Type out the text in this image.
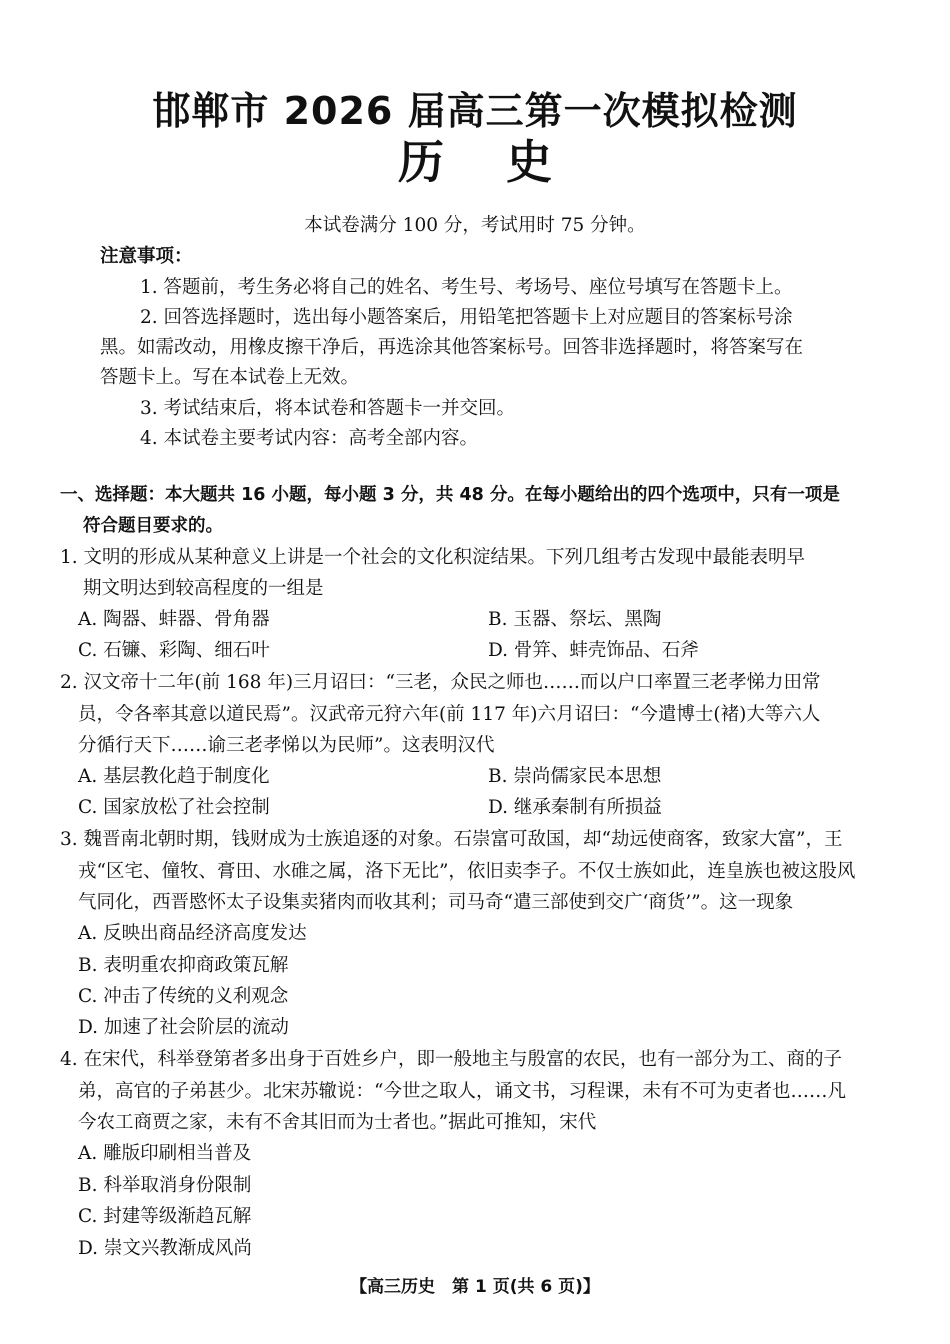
邯郸市 2026 届高三第一次模拟检测
历 史
本试卷满分 100 分，考试用时 75 分钟。
注意事项：
1. 答题前，考生务必将自己的姓名、考生号、考场号、座位号填写在答题卡上。
2. 回答选择题时，选出每小题答案后，用铅笔把答题卡上对应题目的答案标号涂
黑。如需改动，用橡皮擦干净后，再选涂其他答案标号。回答非选择题时，将答案写在
答题卡上。写在本试卷上无效。
3. 考试结束后，将本试卷和答题卡一并交回。
4. 本试卷主要考试内容：高考全部内容。
一、选择题：本大题共 16 小题，每小题 3 分，共 48 分。在每小题给出的四个选项中，只有一项是
符合题目要求的。
1. 文明的形成从某种意义上讲是一个社会的文化积淀结果。下列几组考古发现中最能表明早
期文明达到较高程度的一组是
A. 陶器、蚌器、骨角器	B. 玉器、祭坛、黑陶
C. 石镰、彩陶、细石叶	D. 骨笄、蚌壳饰品、石斧
2. 汉文帝十二年(前 168 年)三月诏曰：“三老，众民之师也……而以户口率置三老孝悌力田常
员，令各率其意以道民焉”。汉武帝元狩六年(前 117 年)六月诏曰：“今遣博士(褚)大等六人
分循行天下……谕三老孝悌以为民师”。这表明汉代
A. 基层教化趋于制度化	B. 崇尚儒家民本思想
C. 国家放松了社会控制	D. 继承秦制有所损益
3. 魏晋南北朝时期，钱财成为士族追逐的对象。石崇富可敌国，却“劫远使商客，致家大富”，王
戎“区宅、僮牧、膏田、水碓之属，洛下无比”，依旧卖李子。不仅士族如此，连皇族也被这股风
气同化，西晋愍怀太子设集卖猪肉而收其利；司马奇“遣三部使到交广‘商货’”。这一现象
A. 反映出商品经济高度发达
B. 表明重农抑商政策瓦解
C. 冲击了传统的义利观念
D. 加速了社会阶层的流动
4. 在宋代，科举登第者多出身于百姓乡户，即一般地主与殷富的农民，也有一部分为工、商的子
弟，高官的子弟甚少。北宋苏辙说：“今世之取人，诵文书，习程课，未有不可为吏者也……凡
今农工商贾之家，未有不舍其旧而为士者也。”据此可推知，宋代
A. 雕版印刷相当普及
B. 科举取消身份限制
C. 封建等级渐趋瓦解
D. 崇文兴教渐成风尚
【高三历史　第 1 页(共 6 页)】
